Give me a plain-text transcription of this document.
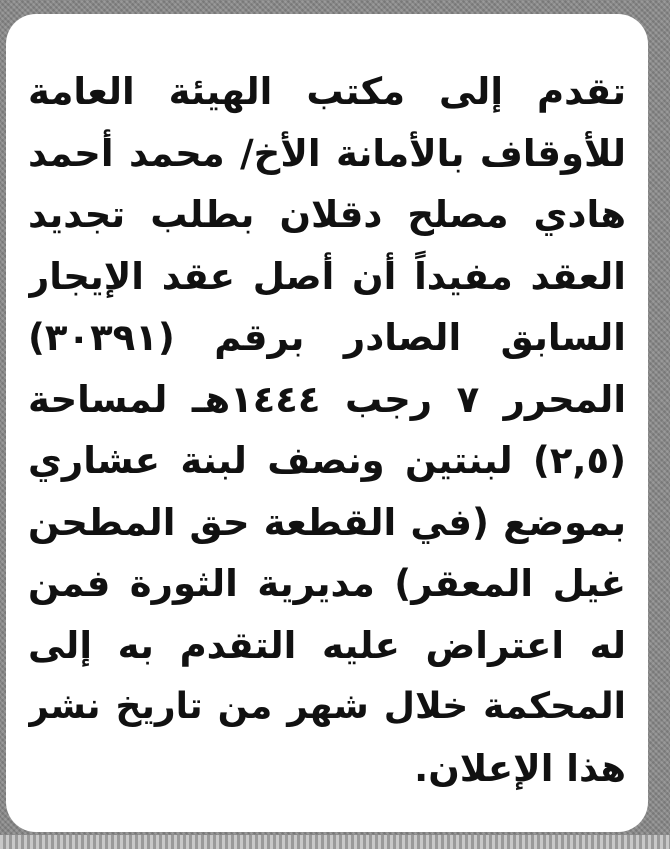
تقدم إلى مكتب الهيئة العامة
للأوقاف بالأمانة الأخ/ محمد أحمد
هادي مصلح دقلان بطلب تجديد
العقد مفيداً أن أصل عقد الإيجار
السابق الصادر برقم (٣٠٣٩١)
المحرر ٧ رجب ١٤٤٤هـ لمساحة
(٢,٥) لبنتين ونصف لبنة عشاري
بموضع (في القطعة حق المطحن
غيل المعقر) مديرية الثورة فمن
له اعتراض عليه التقدم به إلى
المحكمة خلال شهر من تاريخ نشر
هذا الإعلان.
